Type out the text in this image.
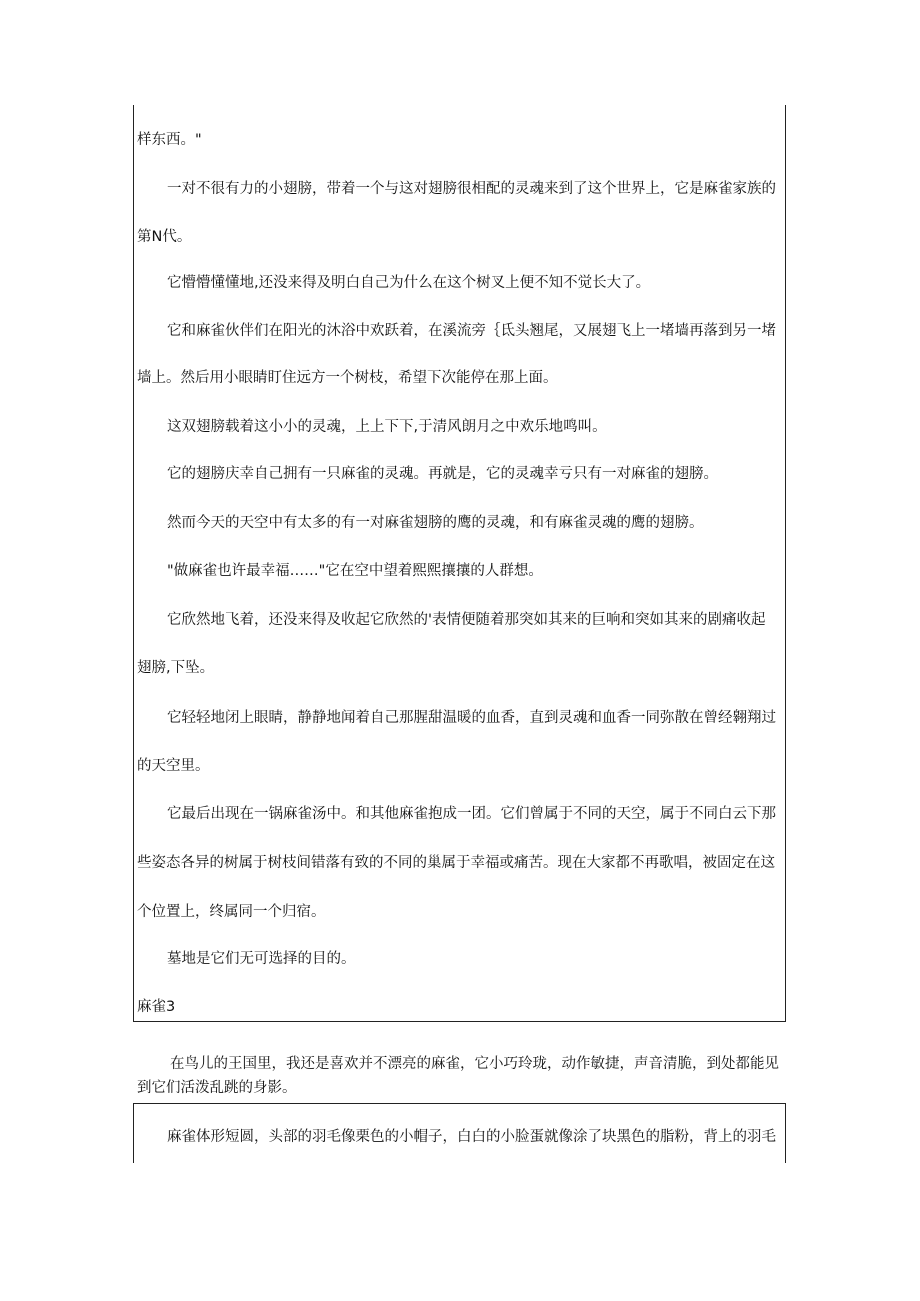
样东西。"

一对不很有力的小翅膀，带着一个与这对翅膀很相配的灵魂来到了这个世界上，它是麻雀家族的

第N代。

它懵懵懂懂地,还没来得及明白自己为什么在这个树叉上便不知不觉长大了。

它和麻雀伙伴们在阳光的沐浴中欢跃着，在溪流旁｛氐头翘尾，又展翅飞上一堵墙再落到另一堵

墙上。然后用小眼睛盯住远方一个树枝，希望下次能停在那上面。

这双翅膀载着这小小的灵魂，上上下下,于清风朗月之中欢乐地鸣叫。

它的翅膀庆幸自己拥有一只麻雀的灵魂。再就是，它的灵魂幸亏只有一对麻雀的翅膀。

然而今天的天空中有太多的有一对麻雀翅膀的鹰的灵魂，和有麻雀灵魂的鹰的翅膀。

"做麻雀也许最幸福……"它在空中望着熙熙攘攘的人群想。

它欣然地飞着，还没来得及收起它欣然的'表情便随着那突如其来的巨响和突如其来的剧痛收起

翅膀,下坠。

它轻轻地闭上眼睛，静静地闻着自己那腥甜温暖的血香，直到灵魂和血香一同弥散在曾经翱翔过

的天空里。

它最后出现在一锅麻雀汤中。和其他麻雀抱成一团。它们曾属于不同的天空，属于不同白云下那

些姿态各异的树属于树枝间错落有致的不同的巢属于幸福或痛苦。现在大家都不再歌唱，被固定在这

个位置上，终属同一个归宿。

墓地是它们无可选择的目的。

麻雀3

在鸟儿的王国里，我还是喜欢并不漂亮的麻雀，它小巧玲珑，动作敏捷，声音清脆，到处都能见

到它们活泼乱跳的身影。

麻雀体形短圆，头部的羽毛像栗色的小帽子，白白的小脸蛋就像涂了块黑色的脂粉，背上的羽毛
